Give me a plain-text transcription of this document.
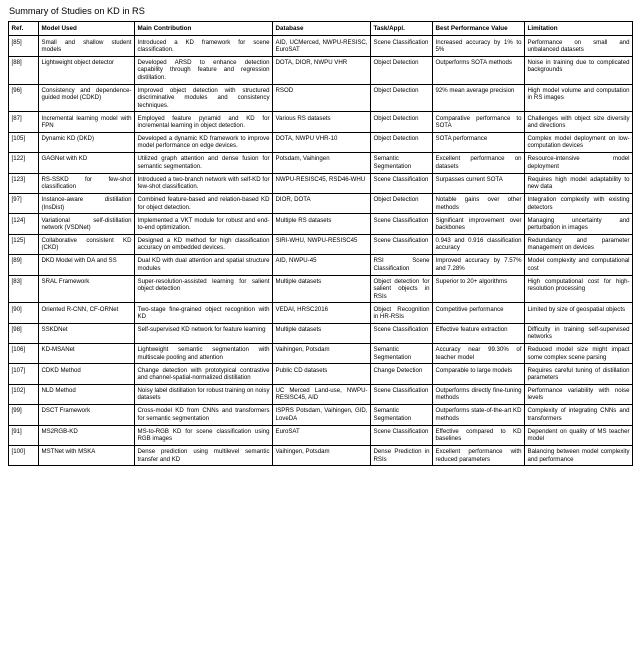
Summary of Studies on KD in RS
Ref.	Model Used	Main Contribution	Database	Task/Appl.	Best Performance Value	Limitation
[85]	Small and shallow student models	Introduced a KD framework for scene classification.	AID, UCMerced, NWPU-RESISC, EuroSAT	Scene Classification	Increased accuracy by 1% to 5%	Performance on small and unbalanced datasets
[88]	Lightweight object detector	Developed ARSD to enhance detection capability through feature and regression distillation.	DOTA, DIOR, NWPU VHR	Object Detection	Outperforms SOTA methods	Noise in training due to complicated backgrounds
[96]	Consistency and dependence-guided model (CDKD)	Improved object detection with structured discriminative modules and consistency techniques.	RSOD	Object Detection	92% mean average precision	High model volume and computation in RS images
[87]	Incremental learning model with FPN	Employed feature pyramid and KD for incremental learning in object detection.	Various RS datasets	Object Detection	Comparative performance to SOTA	Challenges with object size diversity and directions
[105]	Dynamic KD (DKD)	Developed a dynamic KD framework to improve model performance on edge devices.	DOTA, NWPU VHR-10	Object Detection	SOTA performance	Complex model deployment on low-computation devices
[122]	GAGNet with KD	Utilized graph attention and dense fusion for semantic segmentation.	Potsdam, Vaihingen	Semantic Segmentation	Excellent performance on datasets	Resource-intensive model deployment
[123]	RS-SSKD for few-shot classification	Introduced a two-branch network with self-KD for few-shot classification.	NWPU-RESISC45, RSD46-WHU	Scene Classification	Surpasses current SOTA	Requires high model adaptability to new data
[97]	Instance-aware distillation (InsDist)	Combined feature-based and relation-based KD for object detection.	DIOR, DOTA	Object Detection	Notable gains over other methods	Integration complexity with existing detectors
[124]	Variational self-distillation network (VSDNet)	Implemented a VKT module for robust and end-to-end optimization.	Multiple RS datasets	Scene Classification	Significant improvement over backbones	Managing uncertainty and perturbation in images
[125]	Collaborative consistent KD (CKD)	Designed a KD method for high classification accuracy on embedded devices.	SIRI-WHU, NWPU-RESISC45	Scene Classification	0.943 and 0.916 classification accuracy	Redundancy and parameter management on devices
[89]	DKD Model with DA and SS	Dual KD with dual attention and spatial structure modules	AID, NWPU-45	RSI Scene Classification	Improved accuracy by 7.57% and 7.28%	Model complexity and computational cost
[83]	SRAL Framework	Super-resolution-assisted learning for salient object detection	Multiple datasets	Object detection for salient objects in RSIs	Superior to 20+ algorithms	High computational cost for high-resolution processing
[90]	Oriented R-CNN, CF-ORNet	Two-stage fine-grained object recognition with KD	VEDAI, HRSC2016	Object Recognition in HR-RSIs	Competitive performance	Limited by size of geospatial objects
[98]	SSKDNet	Self-supervised KD network for feature learning	Multiple datasets	Scene Classification	Effective feature extraction	Difficulty in training self-supervised networks
[106]	KD-MSANet	Lightweight semantic segmentation with multiscale pooling and attention	Vaihingen, Potsdam	Semantic Segmentation	Accuracy near 99.30% of teacher model	Reduced model size might impact some complex scene parsing
[107]	CDKD Method	Change detection with prototypical contrastive and channel-spatial-normalized distillation	Public CD datasets	Change Detection	Comparable to large models	Requires careful tuning of distillation parameters
[102]	NLD Method	Noisy label distillation for robust training on noisy datasets	UC Merced Land-use, NWPU-RESISC45, AID	Scene Classification	Outperforms directly fine-tuning methods	Performance variability with noise levels
[99]	DSCT Framework	Cross-model KD from CNNs and transformers for semantic segmentation	ISPRS Potsdam, Vaihingen, GID, LoveDA	Semantic Segmentation	Outperforms state-of-the-art KD methods	Complexity of integrating CNNs and transformers
[91]	MS2RGB-KD	MS-to-RGB KD for scene classification using RGB images	EuroSAT	Scene Classification	Effective compared to KD baselines	Dependent on quality of MS teacher model
[100]	MSTNet with MSKA	Dense prediction using multilevel semantic transfer and KD	Vaihingen, Potsdam	Dense Prediction in RSIs	Excellent performance with reduced parameters	Balancing between model complexity and performance
